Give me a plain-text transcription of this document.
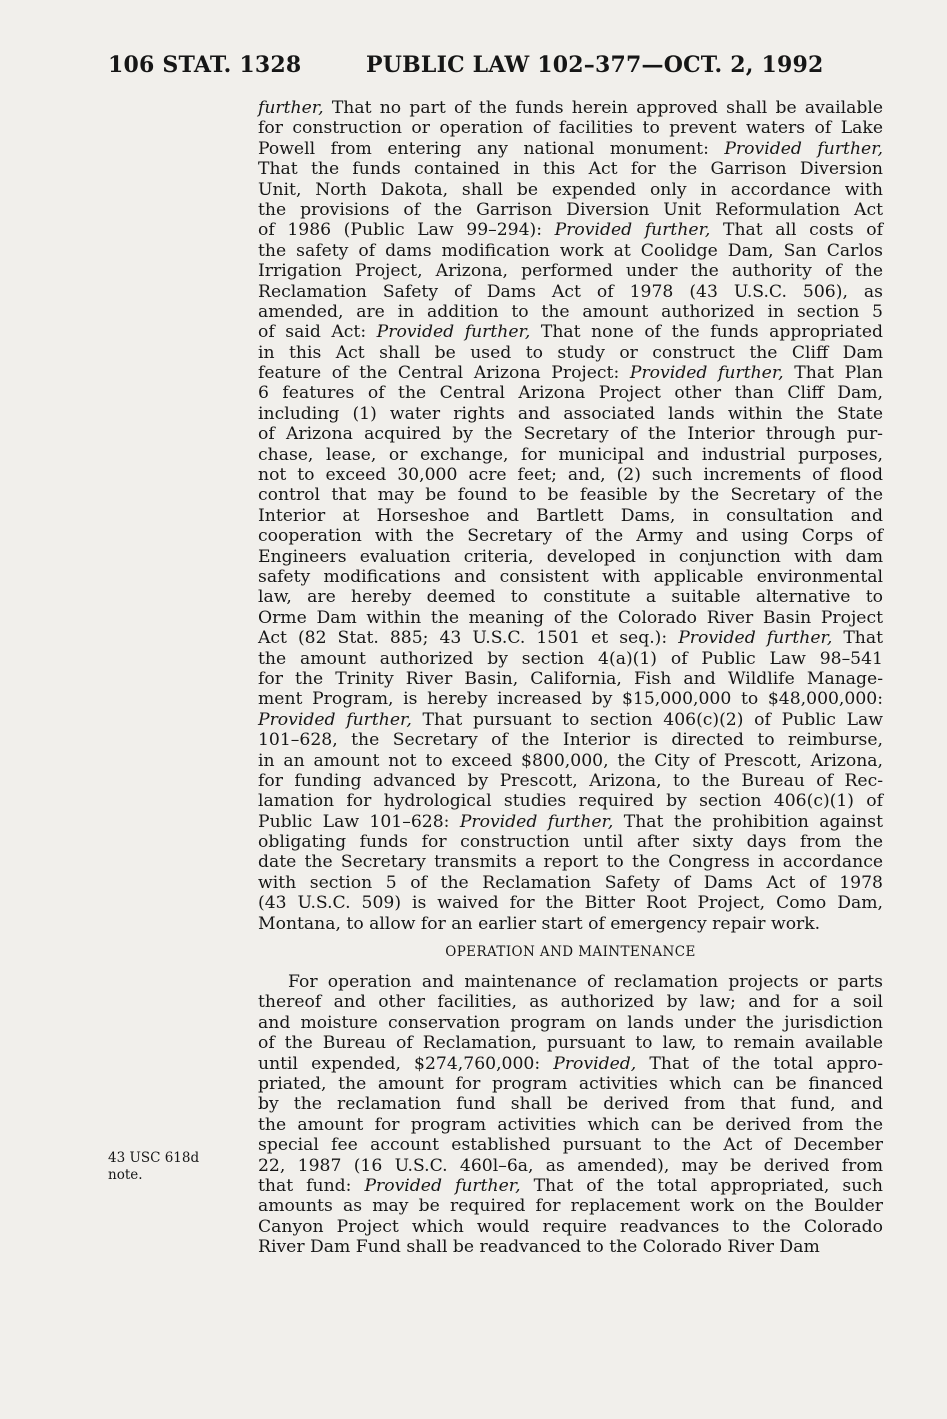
106 STAT. 1328	PUBLIC LAW 102–377—OCT. 2, 1992
further, That no part of the funds herein approved shall be available
for construction or operation of facilities to prevent waters of Lake
Powell from entering any national monument: Provided further,
That the funds contained in this Act for the Garrison Diversion
Unit, North Dakota, shall be expended only in accordance with
the provisions of the Garrison Diversion Unit Reformulation Act
of 1986 (Public Law 99–294): Provided further, That all costs of
the safety of dams modification work at Coolidge Dam, San Carlos
Irrigation Project, Arizona, performed under the authority of the
Reclamation Safety of Dams Act of 1978 (43 U.S.C. 506), as
amended, are in addition to the amount authorized in section 5
of said Act: Provided further, That none of the funds appropriated
in this Act shall be used to study or construct the Cliff Dam
feature of the Central Arizona Project: Provided further, That Plan
6 features of the Central Arizona Project other than Cliff Dam,
including (1) water rights and associated lands within the State
of Arizona acquired by the Secretary of the Interior through pur-
chase, lease, or exchange, for municipal and industrial purposes,
not to exceed 30,000 acre feet; and, (2) such increments of flood
control that may be found to be feasible by the Secretary of the
Interior at Horseshoe and Bartlett Dams, in consultation and
cooperation with the Secretary of the Army and using Corps of
Engineers evaluation criteria, developed in conjunction with dam
safety modifications and consistent with applicable environmental
law, are hereby deemed to constitute a suitable alternative to
Orme Dam within the meaning of the Colorado River Basin Project
Act (82 Stat. 885; 43 U.S.C. 1501 et seq.): Provided further, That
the amount authorized by section 4(a)(1) of Public Law 98–541
for the Trinity River Basin, California, Fish and Wildlife Manage-
ment Program, is hereby increased by $15,000,000 to $48,000,000:
Provided further, That pursuant to section 406(c)(2) of Public Law
101–628, the Secretary of the Interior is directed to reimburse,
in an amount not to exceed $800,000, the City of Prescott, Arizona,
for funding advanced by Prescott, Arizona, to the Bureau of Rec-
lamation for hydrological studies required by section 406(c)(1) of
Public Law 101–628: Provided further, That the prohibition against
obligating funds for construction until after sixty days from the
date the Secretary transmits a report to the Congress in accordance
with section 5 of the Reclamation Safety of Dams Act of 1978
(43 U.S.C. 509) is waived for the Bitter Root Project, Como Dam,
Montana, to allow for an earlier start of emergency repair work.
OPERATION AND MAINTENANCE
For operation and maintenance of reclamation projects or parts
thereof and other facilities, as authorized by law; and for a soil
and moisture conservation program on lands under the jurisdiction
of the Bureau of Reclamation, pursuant to law, to remain available
until expended, $274,760,000: Provided, That of the total appro-
priated, the amount for program activities which can be financed
by the reclamation fund shall be derived from that fund, and
the amount for program activities which can be derived from the
special fee account established pursuant to the Act of December
22, 1987 (16 U.S.C. 460l–6a, as amended), may be derived from
that fund: Provided further, That of the total appropriated, such
amounts as may be required for replacement work on the Boulder
Canyon Project which would require readvances to the Colorado
River Dam Fund shall be readvanced to the Colorado River Dam
43 USC 618d
note.
